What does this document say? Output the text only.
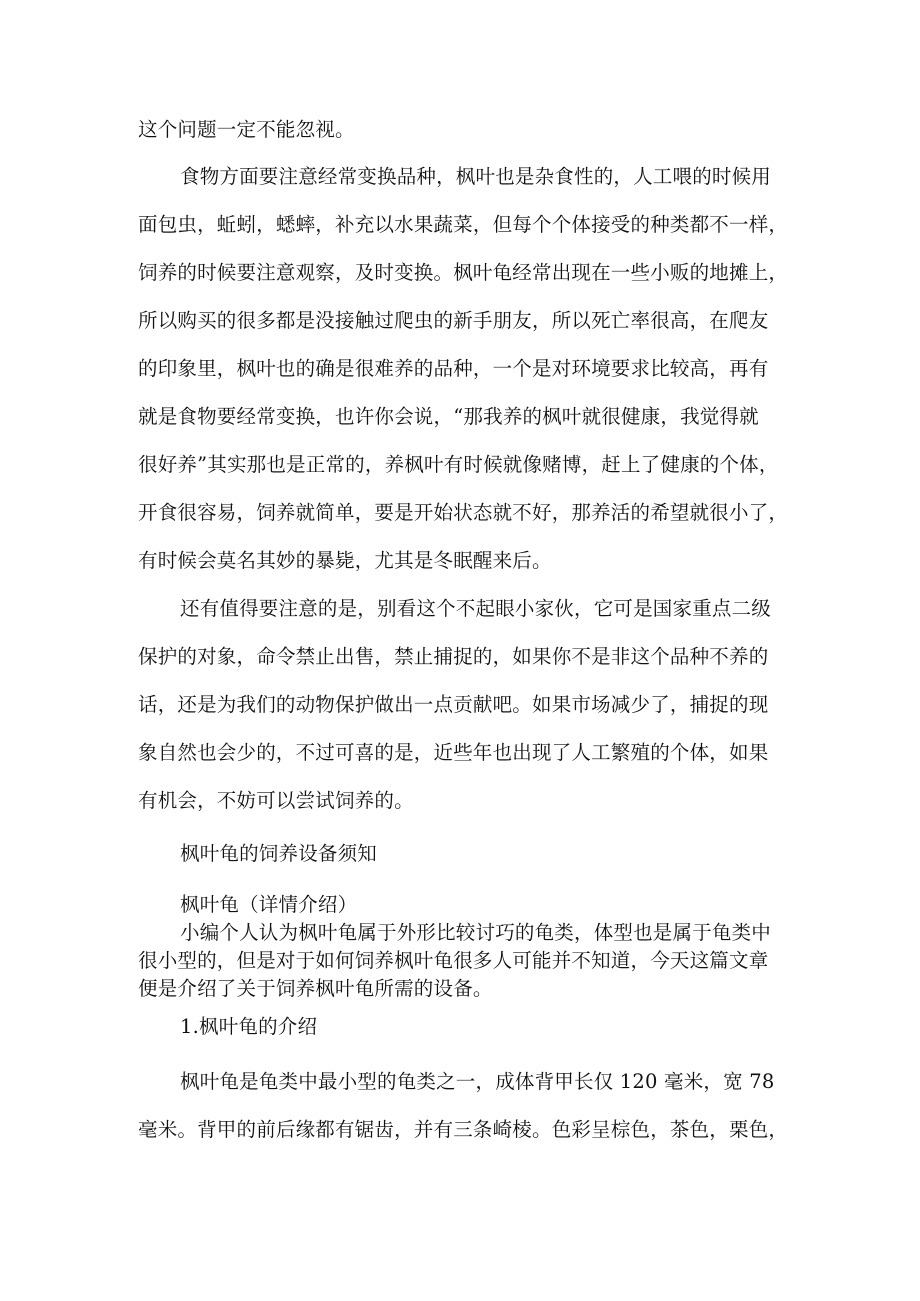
这个问题一定不能忽视。
食物方面要注意经常变换品种，枫叶也是杂食性的，人工喂的时候用
面包虫，蚯蚓，蟋蟀，补充以水果蔬菜，但每个个体接受的种类都不一样，
饲养的时候要注意观察，及时变换。枫叶龟经常出现在一些小贩的地摊上，
所以购买的很多都是没接触过爬虫的新手朋友，所以死亡率很高，在爬友
的印象里，枫叶也的确是很难养的品种，一个是对环境要求比较高，再有
就是食物要经常变换，也许你会说，“那我养的枫叶就很健康，我觉得就
很好养”其实那也是正常的，养枫叶有时候就像赌博，赶上了健康的个体，
开食很容易，饲养就简单，要是开始状态就不好，那养活的希望就很小了，
有时候会莫名其妙的暴毙，尤其是冬眠醒来后。
还有值得要注意的是，别看这个不起眼小家伙，它可是国家重点二级
保护的对象，命令禁止出售，禁止捕捉的，如果你不是非这个品种不养的
话，还是为我们的动物保护做出一点贡献吧。如果市场减少了，捕捉的现
象自然也会少的，不过可喜的是，近些年也出现了人工繁殖的个体，如果
有机会，不妨可以尝试饲养的。
枫叶龟的饲养设备须知
枫叶龟（详情介绍）
小编个人认为枫叶龟属于外形比较讨巧的龟类，体型也是属于龟类中
很小型的，但是对于如何饲养枫叶龟很多人可能并不知道，今天这篇文章
便是介绍了关于饲养枫叶龟所需的设备。
1.枫叶龟的介绍
枫叶龟是龟类中最小型的龟类之一，成体背甲长仅 120 毫米，宽 78
毫米。背甲的前后缘都有锯齿，并有三条崎棱。色彩呈棕色，茶色，栗色，
